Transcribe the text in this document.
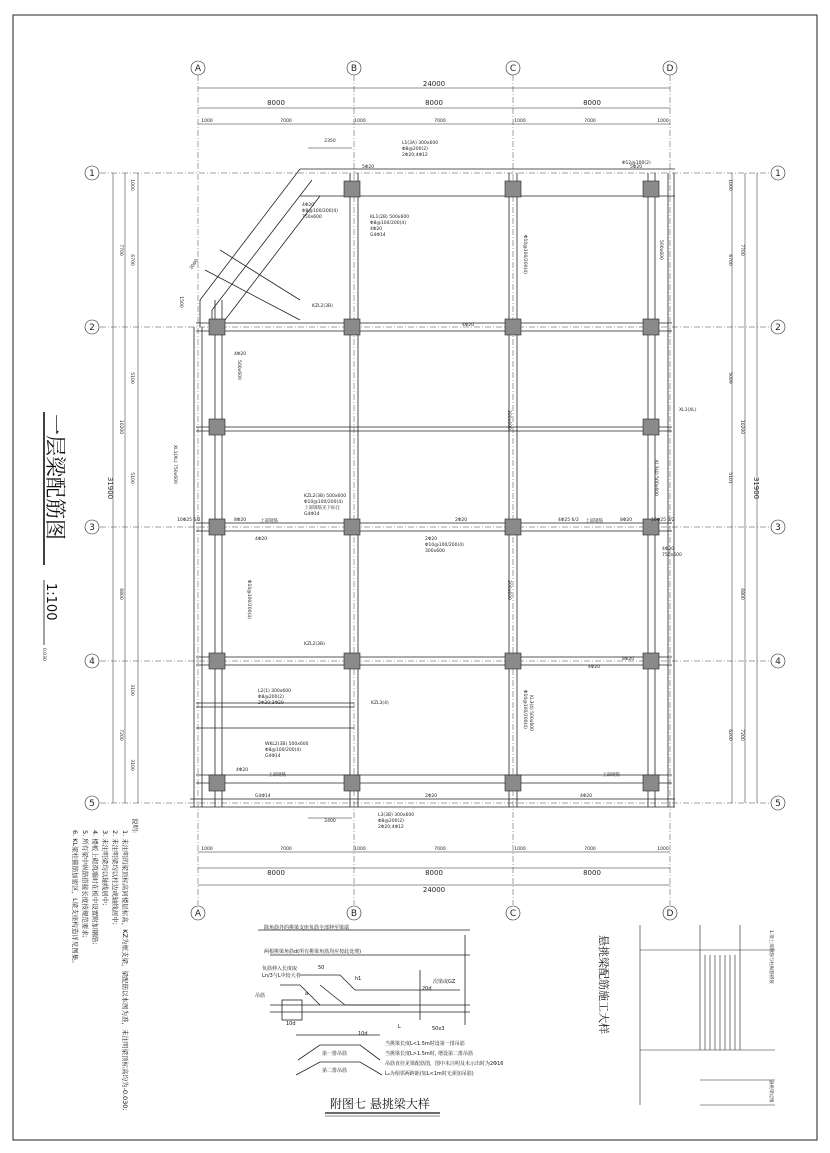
A	B	C	D
A	B	C	D
1
2
3
4
5
1
2
3
4
5
24000
8000	8000	8000
1000	7000	1000	7000	1000	7000	1000
24000
8000	8000	8000
1000	7000	1000	7000	1000	7000	1000
1000
7700
6700
5100
10200
31900	5100
6800
3100
7200
3100
1000
7700
6700
5099
10200
31900
5101
6800
7200
6200
2350
2400
1500
2000
L1(3A) 300x600
Φ8@200(2)
2Φ20;4Φ12
L3(3B) 300x600
Φ8@200(2)
2Φ20;4Φ12
KL1(2B) 500x600
Φ8@100/200(4)
4Φ20
G4Φ14
KZL2(3B)
KZL2(3B)
KZL2(3B) 500x600
Φ10@100/200(4)
上部钢筋见下标注
G4Φ14
XL1(XL)
XL1(XL) 750x600
L2(1) 300x600
Φ8@200(2)
2Φ20;3Φ20
WKL2(3B) 500x600
Φ8@100/200(4)
G4Φ14
KZL3(4)	KL3(4) 500x600
KL3(4) 500x600
2Φ20
2Φ20
Φ10@100/200(4)
300x600
8Φ20
8Φ20
10Φ25 6/2	10Φ25 6/2
4Φ25 6/2
4Φ20
4Φ20
2Φ20
G4Φ14	4Φ20
5Φ20	5Φ20
Φ12@100(2)
4Φ20
Φ8@100/200(4)
750x600
4Φ20
4Φ20
8Φ20
4Φ20
750x600
4Φ20
上部钢筋	上部钢筋
上部钢筋	上部钢筋
Φ10@100/200(4)
Φ10@100/200(4)
300x600
300x600
500x600
Φ10@100/200(4)
500x600
一层梁配筋图
1:100
0.030
说明:
1. 未注明的梁顶标高同楼层标高，KZ为框支梁，梁配筋以本图为准，未注明梁顶标高均为-0.030;
2. 未注明梁均以柱边或轴线居中;
3. 未注明梁均以轴线居中;
4. 楼板上砌筑墙时在板中设置附加钢筋;
5. 所有梁中纵筋搭接长度按规范要求;
6. KL梁柱箍筋加密区，L梁支座构造详见图集。	除角筋外的挑梁支座负筋全部伸至梁端
两根挑梁角筋d(所有挑梁角筋均应按此处理)
负筋伸入长度取
Ln/3与L中较大者
吊筋
次梁或GZ
第一排吊筋
第二排吊筋
当挑梁长度L<1.5m时设第一排吊筋
当挑梁长度L>1.5m时, 增设第二排吊筋
吊筋直径见梁配筋图，图中未注明及未示出时为2Φ16
L₀为相邻两跨距(如L<1m时无须加吊筋)
10d
10d
50
20d
50x3
L
h1
a
附图七 悬挑梁大样
悬挑梁配筋施工大样	1.梁上部钢筋与柱纵筋搭接
悬挑梁边缘
